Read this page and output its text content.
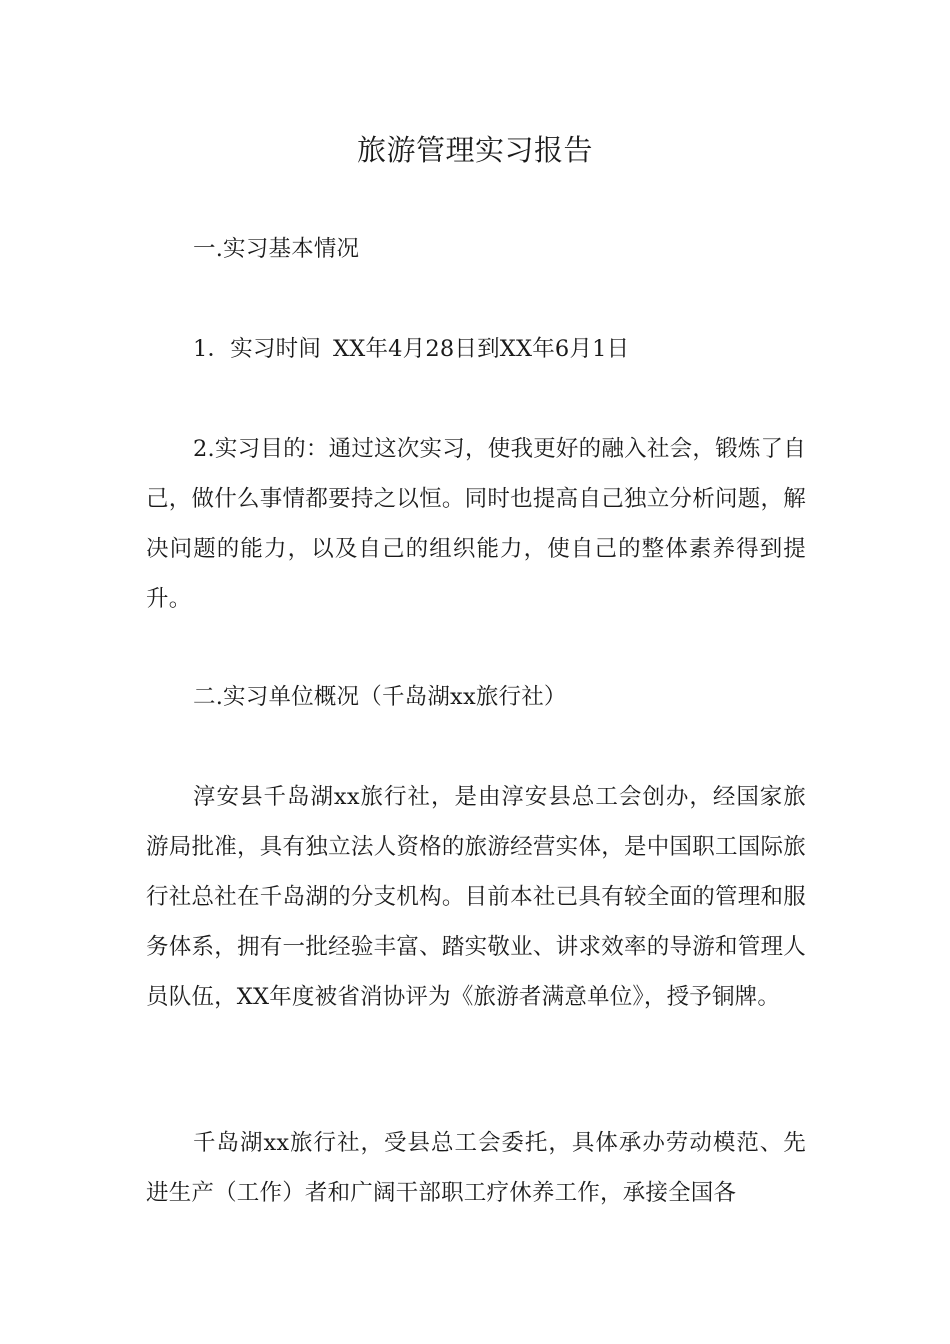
旅游管理实习报告

一.实习基本情况

1．实习时间 XX年4月28日到XX年6月1日

2.实习目的：通过这次实习，使我更好的融入社会，锻炼了自己，做什么事情都要持之以恒。同时也提高自己独立分析问题，解决问题的能力，以及自己的组织能力，使自己的整体素养得到提升。

二.实习单位概况（千岛湖xx旅行社）

淳安县千岛湖xx旅行社，是由淳安县总工会创办，经国家旅游局批准，具有独立法人资格的旅游经营实体，是中国职工国际旅行社总社在千岛湖的分支机构。目前本社已具有较全面的管理和服务体系，拥有一批经验丰富、踏实敬业、讲求效率的导游和管理人员队伍，XX年度被省消协评为《旅游者满意单位》，授予铜牌。

千岛湖xx旅行社，受县总工会委托，具体承办劳动模范、先进生产（工作）者和广阔干部职工疗休养工作，承接全国各
